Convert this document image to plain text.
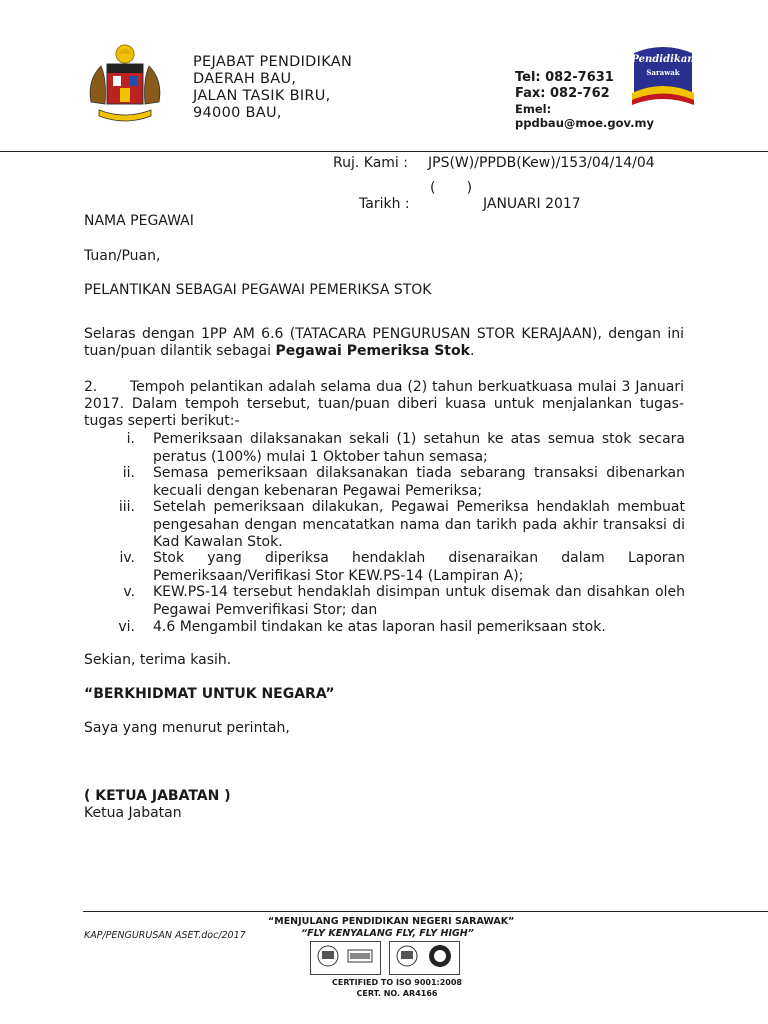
PEJABAT PENDIDIKAN
DAERAH BAU,
JALAN TASIK BIRU,
94000 BAU,
Tel: 082-7631
Fax: 082-762
Emel:
ppdbau@moe.gov.my
Pendidikan
Sarawak
Ruj. Kami : JPS(W)/PPDB(Kew)/153/04/14/04
(       )
Tarikh :	JANUARI 2017
NAMA PEGAWAI
Tuan/Puan,
PELANTIKAN SEBAGAI PEGAWAI PEMERIKSA STOK
Selaras dengan 1PP AM 6.6 (TATACARA PENGURUSAN STOR KERAJAAN), dengan ini tuan/puan dilantik sebagai Pegawai Pemeriksa Stok.
2. Tempoh pelantikan adalah selama dua (2) tahun berkuatkuasa mulai 3 Januari 2017. Dalam tempoh tersebut, tuan/puan diberi kuasa untuk menjalankan tugas-tugas seperti berikut:-
i. Pemeriksaan dilaksanakan sekali (1) setahun ke atas semua stok secara peratus (100%) mulai 1 Oktober tahun semasa;
ii. Semasa pemeriksaan dilaksanakan tiada sebarang transaksi dibenarkan kecuali dengan kebenaran Pegawai Pemeriksa;
iii. Setelah pemeriksaan dilakukan, Pegawai Pemeriksa hendaklah membuat pengesahan dengan mencatatkan nama dan tarikh pada akhir transaksi di Kad Kawalan Stok.
iv. Stok yang diperiksa hendaklah disenaraikan dalam Laporan Pemeriksaan/Verifikasi Stor KEW.PS-14 (Lampiran A);
v. KEW.PS-14 tersebut hendaklah disimpan untuk disemak dan disahkan oleh Pegawai Pemverifikasi Stor; dan
vi. 4.6 Mengambil tindakan ke atas laporan hasil pemeriksaan stok.
Sekian, terima kasih.
“BERKHIDMAT UNTUK NEGARA”
Saya yang menurut perintah,
( KETUA JABATAN )
Ketua Jabatan
“MENJULANG PENDIDIKAN NEGERI SARAWAK”
“FLY KENYALANG FLY, FLY HIGH”
KAP/PENGURUSAN ASET.doc/2017
CERTIFIED TO ISO 9001:2008
CERT. NO. AR4166
